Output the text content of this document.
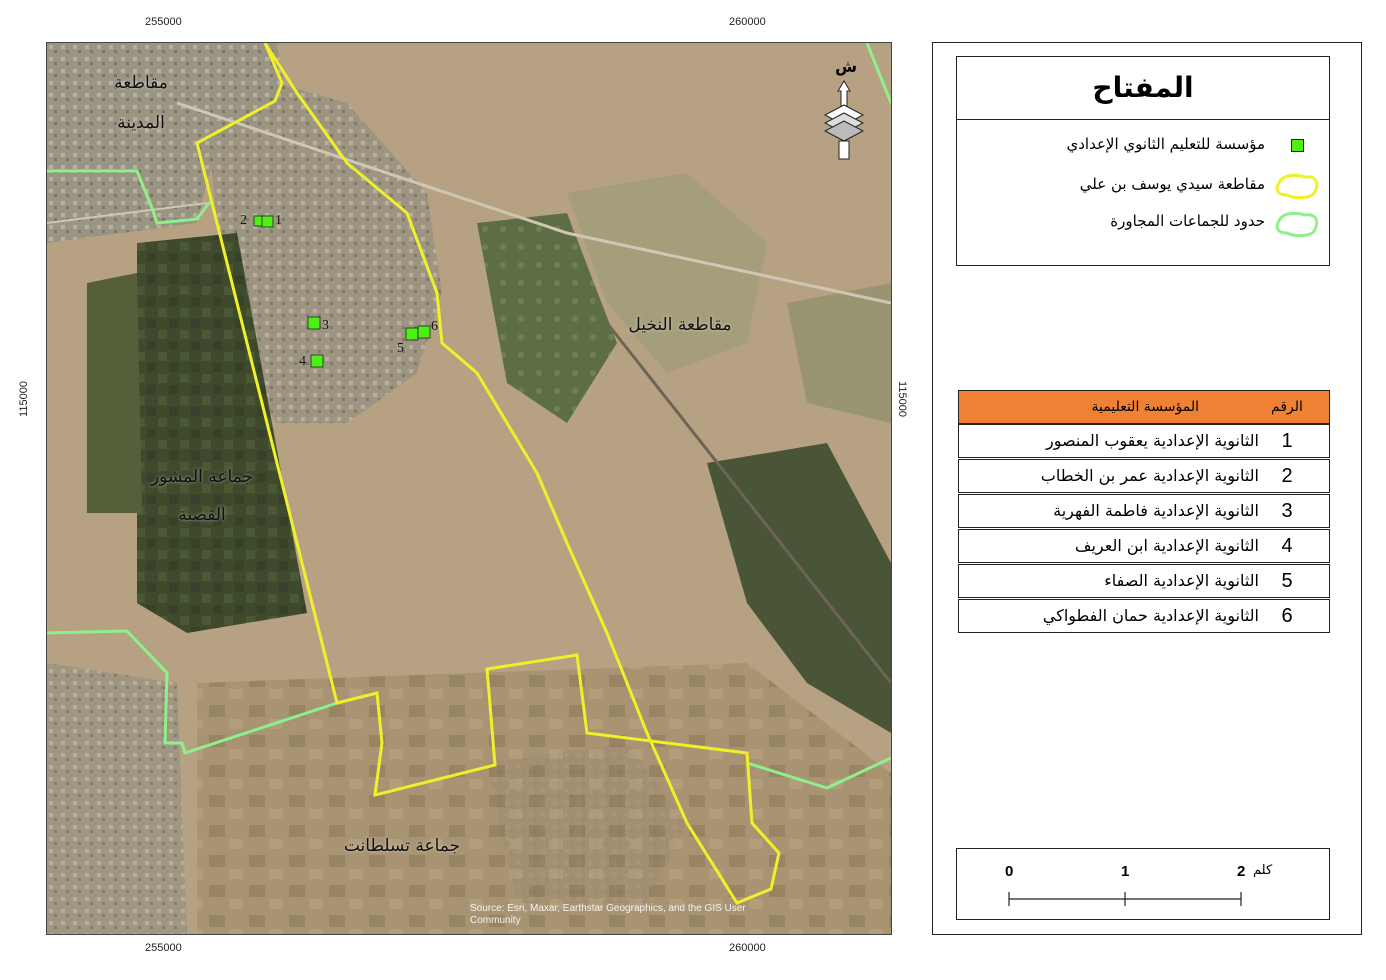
255000	260000
255000	260000
115000	115000
مقاطعة
المدينة
مقاطعة النخيل
جماعة المشور
القصبة
جماعة تسلطانت
1
2
3
4
5
6
ش
Source: Esri, Maxar, Earthstar Geographics, and the GIS User
Community
المفتاح
مؤسسة للتعليم الثانوي الإعدادي
مقاطعة سيدي يوسف بن علي
حدود للجماعات المجاورة
المؤسسة التعليمية	الرقم
الثانوية الإعدادية يعقوب المنصور	1
الثانوية الإعدادية عمر بن الخطاب	2
الثانوية الإعدادية فاطمة الفهرية	3
الثانوية الإعدادية ابن العريف	4
الثانوية الإعدادية الصفاء	5
الثانوية الإعدادية حمان الفطواكي	6
0	1	2 كلم
